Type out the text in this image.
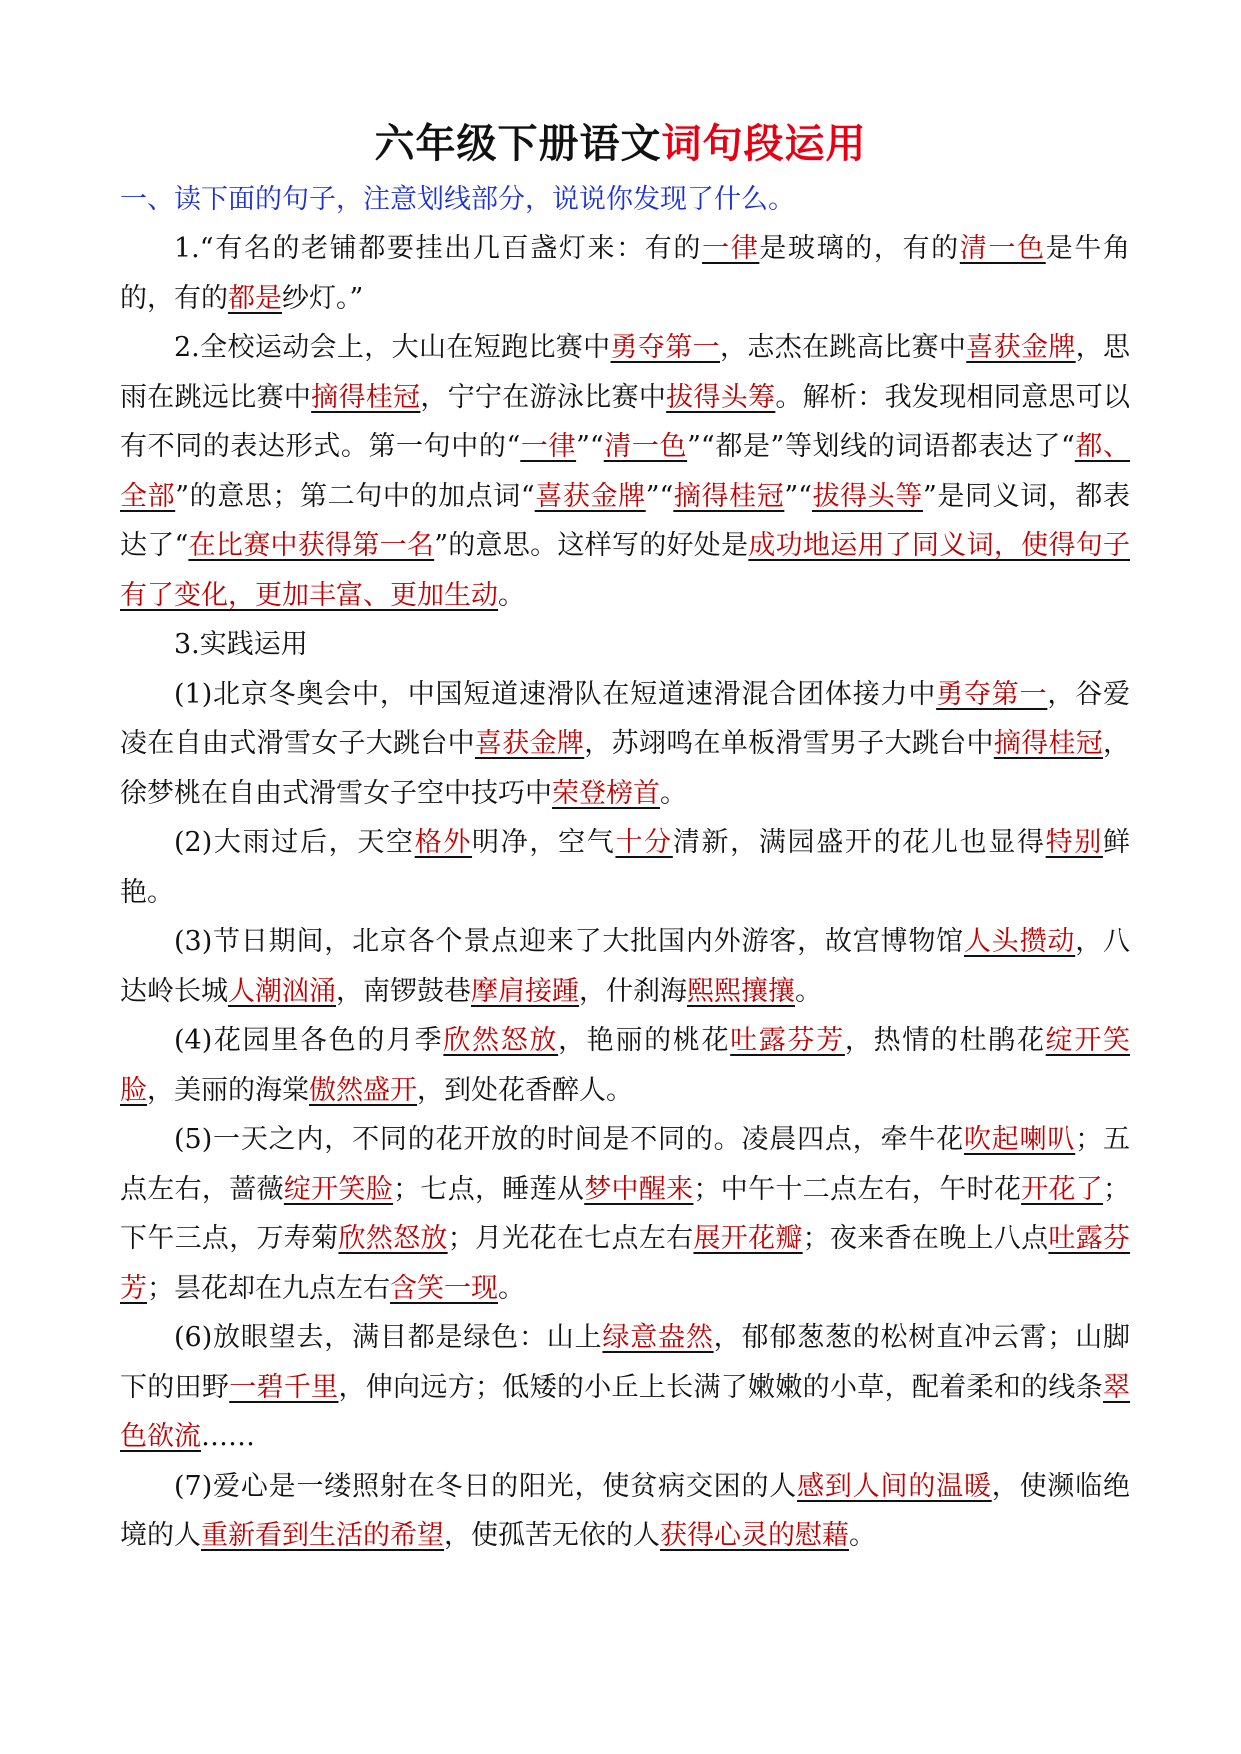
六年级下册语文词句段运用
一、读下面的句子，注意划线部分，说说你发现了什么。

1.“有名的老铺都要挂出几百盏灯来：有的一律是玻璃的，有的清一色是牛角的，有的都是纱灯。”

2.全校运动会上，大山在短跑比赛中勇夺第一，志杰在跳高比赛中喜获金牌，思雨在跳远比赛中摘得桂冠，宁宁在游泳比赛中拔得头筹。解析：我发现相同意思可以有不同的表达形式。第一句中的“一律”“清一色”“都是”等划线的词语都表达了“都、全部”的意思；第二句中的加点词“喜获金牌”“摘得桂冠”“拔得头等”是同义词，都表达了“在比赛中获得第一名”的意思。这样写的好处是成功地运用了同义词，使得句子有了变化，更加丰富、更加生动。

3.实践运用

(1)北京冬奥会中，中国短道速滑队在短道速滑混合团体接力中勇夺第一，谷爱凌在自由式滑雪女子大跳台中喜获金牌，苏翊鸣在单板滑雪男子大跳台中摘得桂冠，徐梦桃在自由式滑雪女子空中技巧中荣登榜首。

(2)大雨过后，天空格外明净，空气十分清新，满园盛开的花儿也显得特别鲜艳。

(3)节日期间，北京各个景点迎来了大批国内外游客，故宫博物馆人头攒动，八达岭长城人潮汹涌，南锣鼓巷摩肩接踵，什刹海熙熙攘攘。

(4)花园里各色的月季欣然怒放，艳丽的桃花吐露芬芳，热情的杜鹃花绽开笑脸，美丽的海棠傲然盛开，到处花香醉人。

(5)一天之内，不同的花开放的时间是不同的。凌晨四点，牵牛花吹起喇叭；五点左右，蔷薇绽开笑脸；七点，睡莲从梦中醒来；中午十二点左右，午时花开花了；下午三点，万寿菊欣然怒放；月光花在七点左右展开花瓣；夜来香在晚上八点吐露芬芳；昙花却在九点左右含笑一现。

(6)放眼望去，满目都是绿色：山上绿意盎然，郁郁葱葱的松树直冲云霄；山脚下的田野一碧千里，伸向远方；低矮的小丘上长满了嫩嫩的小草，配着柔和的线条翠色欲流……

(7)爱心是一缕照射在冬日的阳光，使贫病交困的人感到人间的温暖，使濒临绝境的人重新看到生活的希望，使孤苦无依的人获得心灵的慰藉。
